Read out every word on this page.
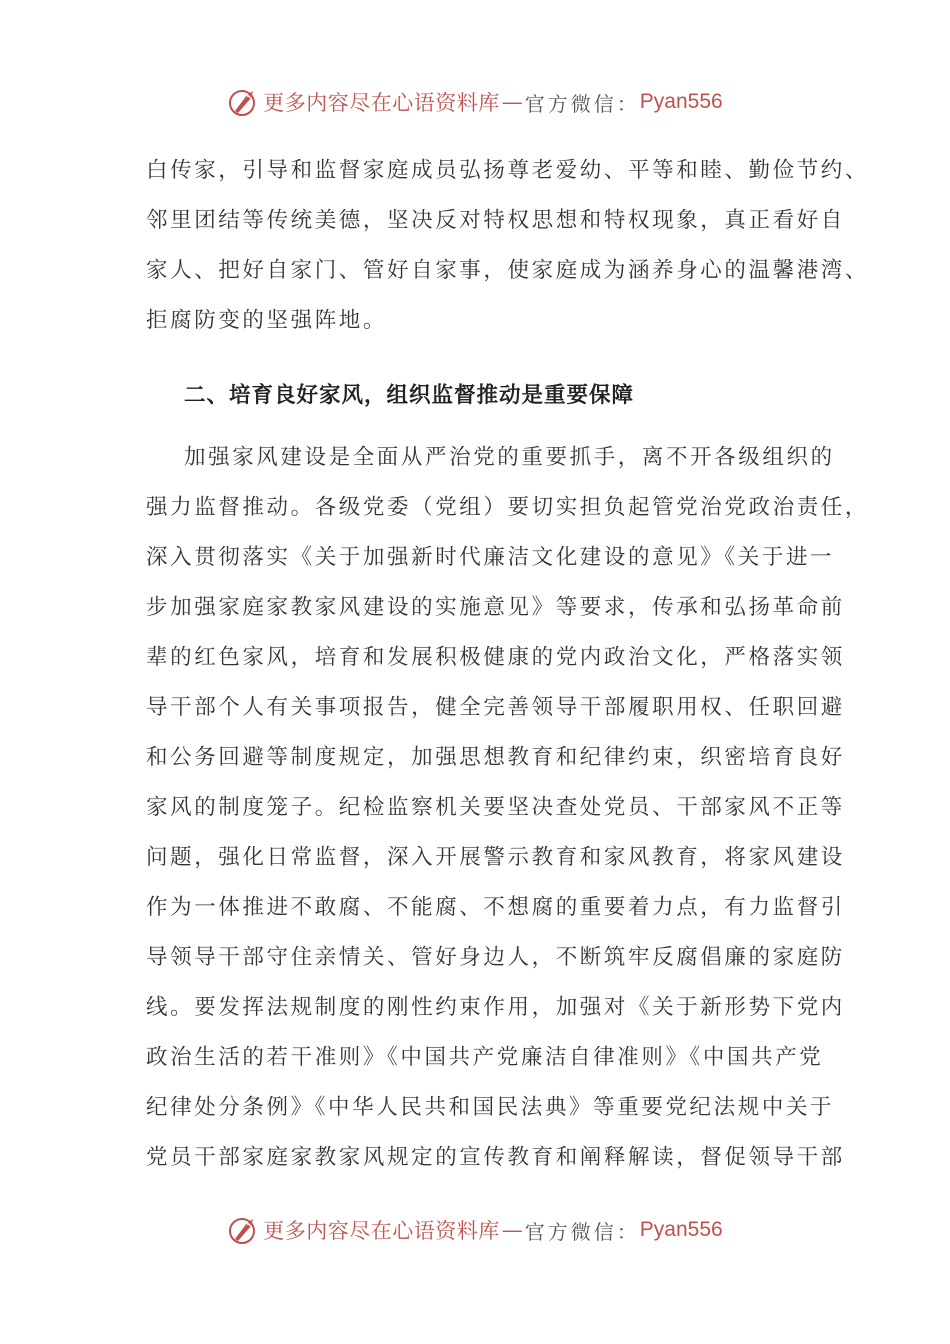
更多内容尽在心语资料库 — 官方微信： Pyan556
白传家，引导和监督家庭成员弘扬尊老爱幼、平等和睦、勤俭节约、
邻里团结等传统美德，坚决反对特权思想和特权现象，真正看好自
家人、把好自家门、管好自家事，使家庭成为涵养身心的温馨港湾、
拒腐防变的坚强阵地。
二、培育良好家风，组织监督推动是重要保障
加强家风建设是全面从严治党的重要抓手，离不开各级组织的
强力监督推动。各级党委（党组）要切实担负起管党治党政治责任，
深入贯彻落实《关于加强新时代廉洁文化建设的意见》《关于进一
步加强家庭家教家风建设的实施意见》等要求，传承和弘扬革命前
辈的红色家风，培育和发展积极健康的党内政治文化，严格落实领
导干部个人有关事项报告，健全完善领导干部履职用权、任职回避
和公务回避等制度规定，加强思想教育和纪律约束，织密培育良好
家风的制度笼子。纪检监察机关要坚决查处党员、干部家风不正等
问题，强化日常监督，深入开展警示教育和家风教育，将家风建设
作为一体推进不敢腐、不能腐、不想腐的重要着力点，有力监督引
导领导干部守住亲情关、管好身边人，不断筑牢反腐倡廉的家庭防
线。要发挥法规制度的刚性约束作用，加强对《关于新形势下党内
政治生活的若干准则》《中国共产党廉洁自律准则》《中国共产党
纪律处分条例》《中华人民共和国民法典》等重要党纪法规中关于
党员干部家庭家教家风规定的宣传教育和阐释解读，督促领导干部
更多内容尽在心语资料库 — 官方微信： Pyan556
